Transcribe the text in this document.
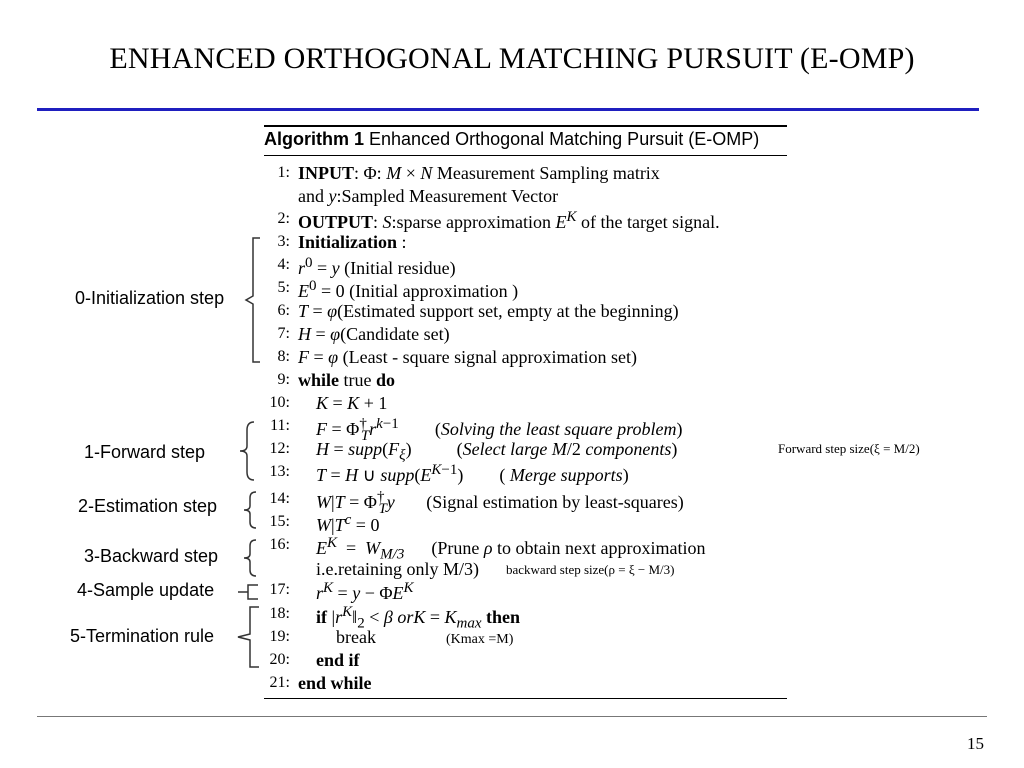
ENHANCED ORTHOGONAL MATCHING PURSUIT (E-OMP)
Algorithm 1 Enhanced Orthogonal Matching Pursuit (E-OMP)
1: INPUT: Φ: M × N Measurement Sampling matrix
and y:Sampled Measurement Vector
2: OUTPUT: S:sparse approximation $E^K$ of the target signal.
3: Initialization :
4: $r^0 = y$ (Initial residue)
5: $E^0 = 0$ (Initial approximation )
6: T = φ(Estimated support set, empty at the beginning)
7: H = φ(Candidate set)
8: F = φ (Least - square signal approximation set)
9: while true do
10: K = K + 1
11: $F = \Phi^\dagger_Tr^{k-1}$        (Solving the least square problem)
12: $H = supp(F_\xi)$          (Select large M/2 components)
13: T = H ∪ $supp(E^{K-1})$        ( Merge supports)
14: $W|T = \Phi^\dagger_Ty$       (Signal estimation by least-squares)
15: $W|T^c = 0$
16: $E^K = W_{M/3}$      (Prune ρ to obtain next approximation
i.e.retaining only M/3)
17: $r^K = y - \Phi E^K$
18: if $|r^K‖_2 < \beta$ orK = $K_{max}$ then
19:	break
20: end if
21: end while
Forward step size(ξ = M/2)
backward step size(ρ = ξ − M/3)
(Kmax =M)
0-Initialization step
1-Forward step
2-Estimation step
3-Backward step
4-Sample update
5-Termination rule
15
